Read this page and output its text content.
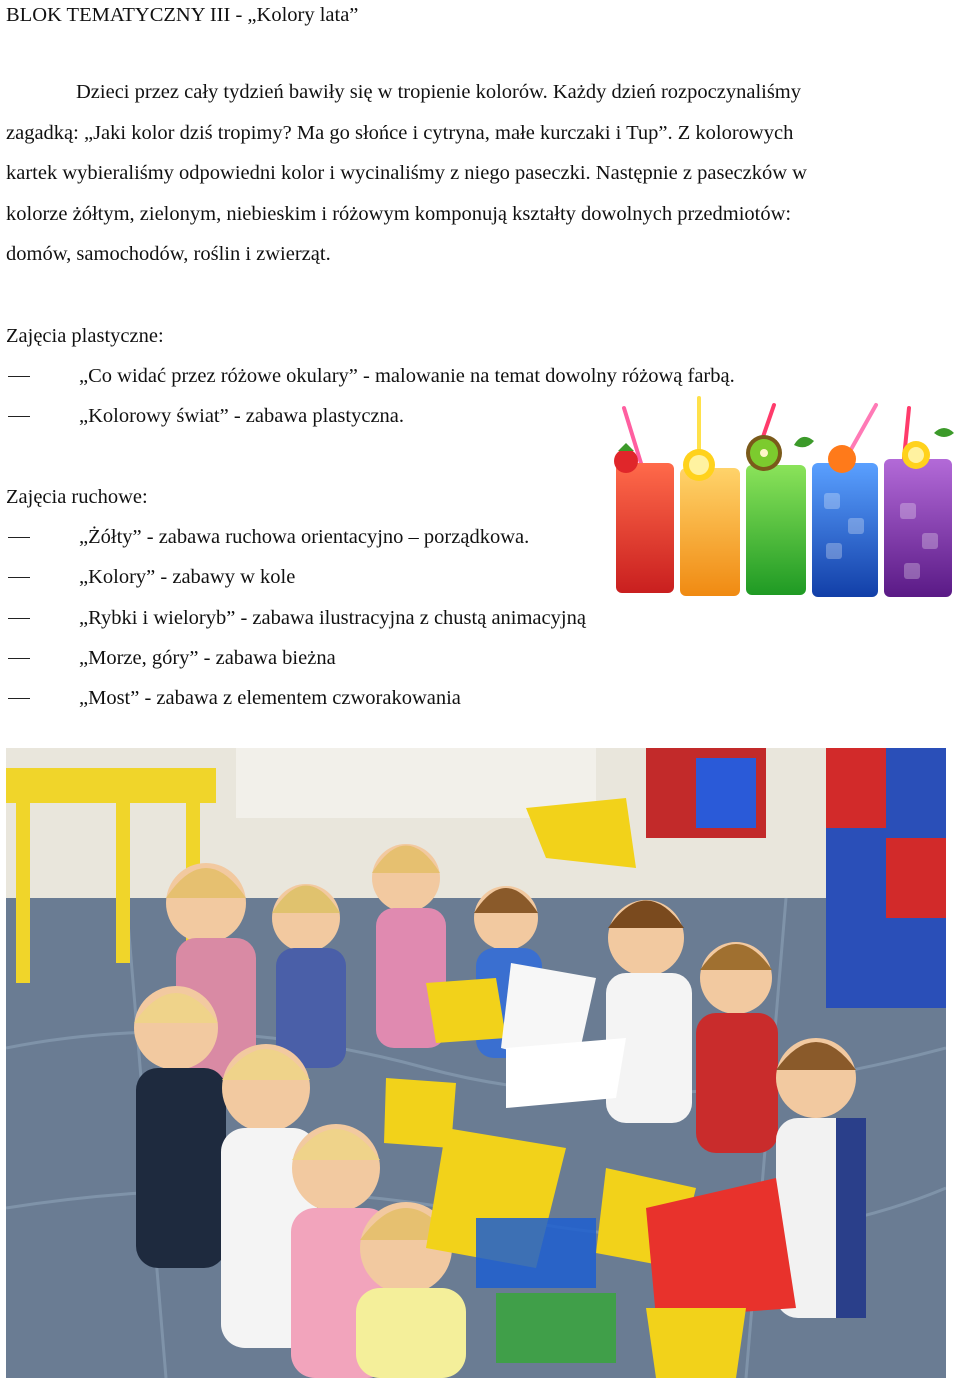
BLOK TEMATYCZNY III - „Kolory lata”

Dzieci przez cały tydzień bawiły się w tropienie kolorów. Każdy dzień rozpoczynaliśmy
zagadką: „Jaki kolor dziś tropimy? Ma go słońce i cytryna, małe kurczaki i Tup”. Z kolorowych
kartek wybieraliśmy odpowiedni kolor i wycinaliśmy z niego paseczki. Następnie z paseczków w
kolorze żółtym, zielonym, niebieskim i różowym komponują kształty dowolnych przedmiotów:
domów, samochodów, roślin i zwierząt.

Zajęcia plastyczne:
„Co widać przez różowe okulary” - malowanie na temat dowolny różową farbą.
„Kolorowy świat” - zabawa plastyczna.
Zajęcia ruchowe:
„Żółty” - zabawa ruchowa orientacyjno – porządkowa.
„Kolory” - zabawy w kole
„Rybki i wieloryb” - zabawa ilustracyjna z chustą animacyjną
„Morze, góry” - zabawa bieżna
„Most” - zabawa z elementem czworakowania
